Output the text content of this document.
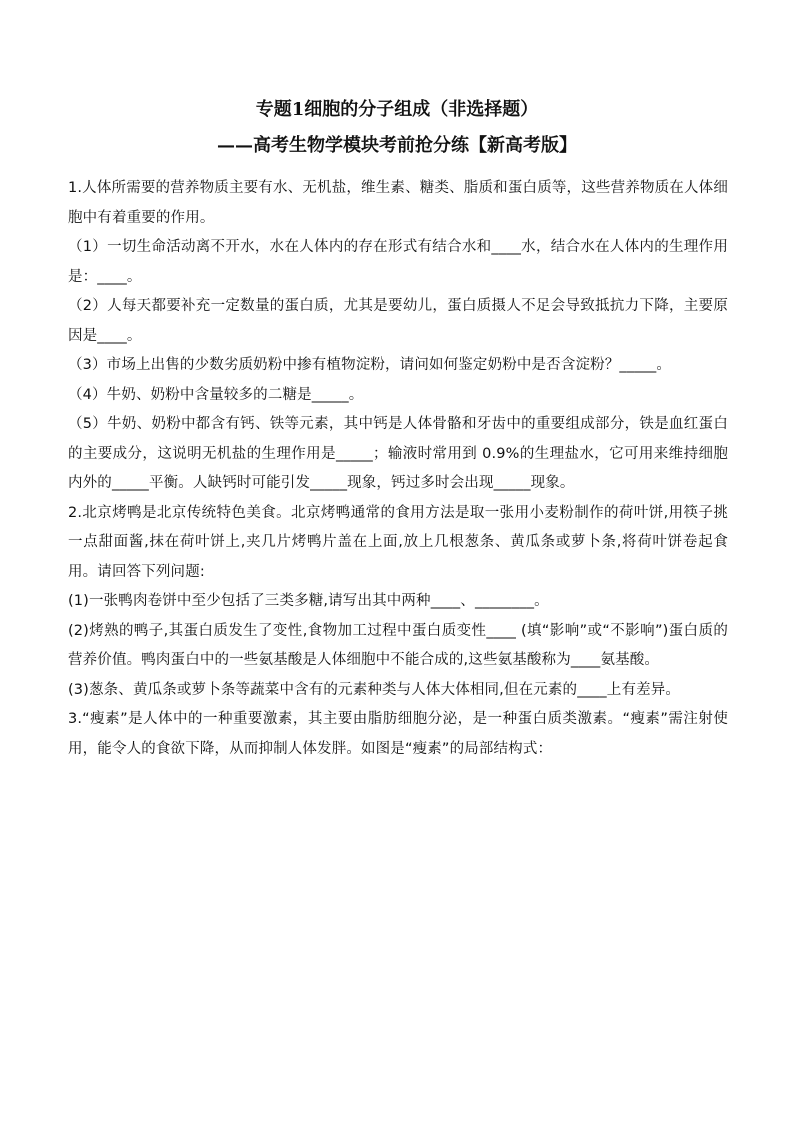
专题1细胞的分子组成（非选择题）
——高考生物学模块考前抢分练【新高考版】

1.人体所需要的营养物质主要有水、无机盐，维生素、糖类、脂质和蛋白质等，这些营养物质在人体细胞中有着重要的作用。

（1）一切生命活动离不开水，水在人体内的存在形式有结合水和____水，结合水在人体内的生理作用是：____。

（2）人每天都要补充一定数量的蛋白质，尤其是要幼儿，蛋白质摄人不足会导致抵抗力下降，主要原因是____。

（3）市场上出售的少数劣质奶粉中掺有植物淀粉，请问如何鉴定奶粉中是否含淀粉？_____。

（4）牛奶、奶粉中含量较多的二糖是_____。

（5）牛奶、奶粉中都含有钙、铁等元素，其中钙是人体骨骼和牙齿中的重要组成部分，铁是血红蛋白的主要成分，这说明无机盐的生理作用是_____；输液时常用到 0.9%的生理盐水，它可用来维持细胞内外的_____平衡。人缺钙时可能引发_____现象，钙过多时会出现_____现象。

2.北京烤鸭是北京传统特色美食。北京烤鸭通常的食用方法是取一张用小麦粉制作的荷叶饼,用筷子挑一点甜面酱,抹在荷叶饼上,夹几片烤鸭片盖在上面,放上几根葱条、黄瓜条或萝卜条,将荷叶饼卷起食用。请回答下列问题:

(1)一张鸭肉卷饼中至少包括了三类多糖,请写出其中两种____、________。

(2)烤熟的鸭子,其蛋白质发生了变性,食物加工过程中蛋白质变性____ (填“影响”或“不影响”)蛋白质的营养价值。鸭肉蛋白中的一些氨基酸是人体细胞中不能合成的,这些氨基酸称为____氨基酸。

(3)葱条、黄瓜条或萝卜条等蔬菜中含有的元素种类与人体大体相同,但在元素的____上有差异。

3.“瘦素”是人体中的一种重要激素，其主要由脂肪细胞分泌，是一种蛋白质类激素。“瘦素”需注射使用，能令人的食欲下降，从而抑制人体发胖。如图是“瘦素”的局部结构式：
